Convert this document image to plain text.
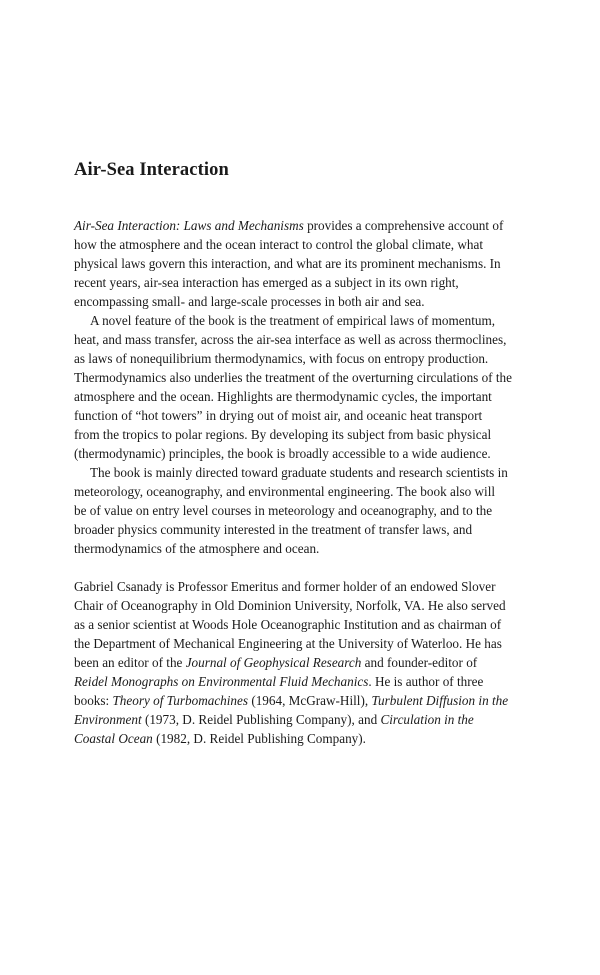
Air-Sea Interaction
Air-Sea Interaction: Laws and Mechanisms provides a comprehensive account of
how the atmosphere and the ocean interact to control the global climate, what
physical laws govern this interaction, and what are its prominent mechanisms. In
recent years, air-sea interaction has emerged as a subject in its own right,
encompassing small- and large-scale processes in both air and sea.
A novel feature of the book is the treatment of empirical laws of momentum,
heat, and mass transfer, across the air-sea interface as well as across thermoclines,
as laws of nonequilibrium thermodynamics, with focus on entropy production.
Thermodynamics also underlies the treatment of the overturning circulations of the
atmosphere and the ocean. Highlights are thermodynamic cycles, the important
function of “hot towers” in drying out of moist air, and oceanic heat transport
from the tropics to polar regions. By developing its subject from basic physical
(thermodynamic) principles, the book is broadly accessible to a wide audience.
The book is mainly directed toward graduate students and research scientists in
meteorology, oceanography, and environmental engineering. The book also will
be of value on entry level courses in meteorology and oceanography, and to the
broader physics community interested in the treatment of transfer laws, and
thermodynamics of the atmosphere and ocean.
Gabriel Csanady is Professor Emeritus and former holder of an endowed Slover
Chair of Oceanography in Old Dominion University, Norfolk, VA. He also served
as a senior scientist at Woods Hole Oceanographic Institution and as chairman of
the Department of Mechanical Engineering at the University of Waterloo. He has
been an editor of the Journal of Geophysical Research and founder-editor of
Reidel Monographs on Environmental Fluid Mechanics. He is author of three
books: Theory of Turbomachines (1964, McGraw-Hill), Turbulent Diffusion in the
Environment (1973, D. Reidel Publishing Company), and Circulation in the
Coastal Ocean (1982, D. Reidel Publishing Company).
